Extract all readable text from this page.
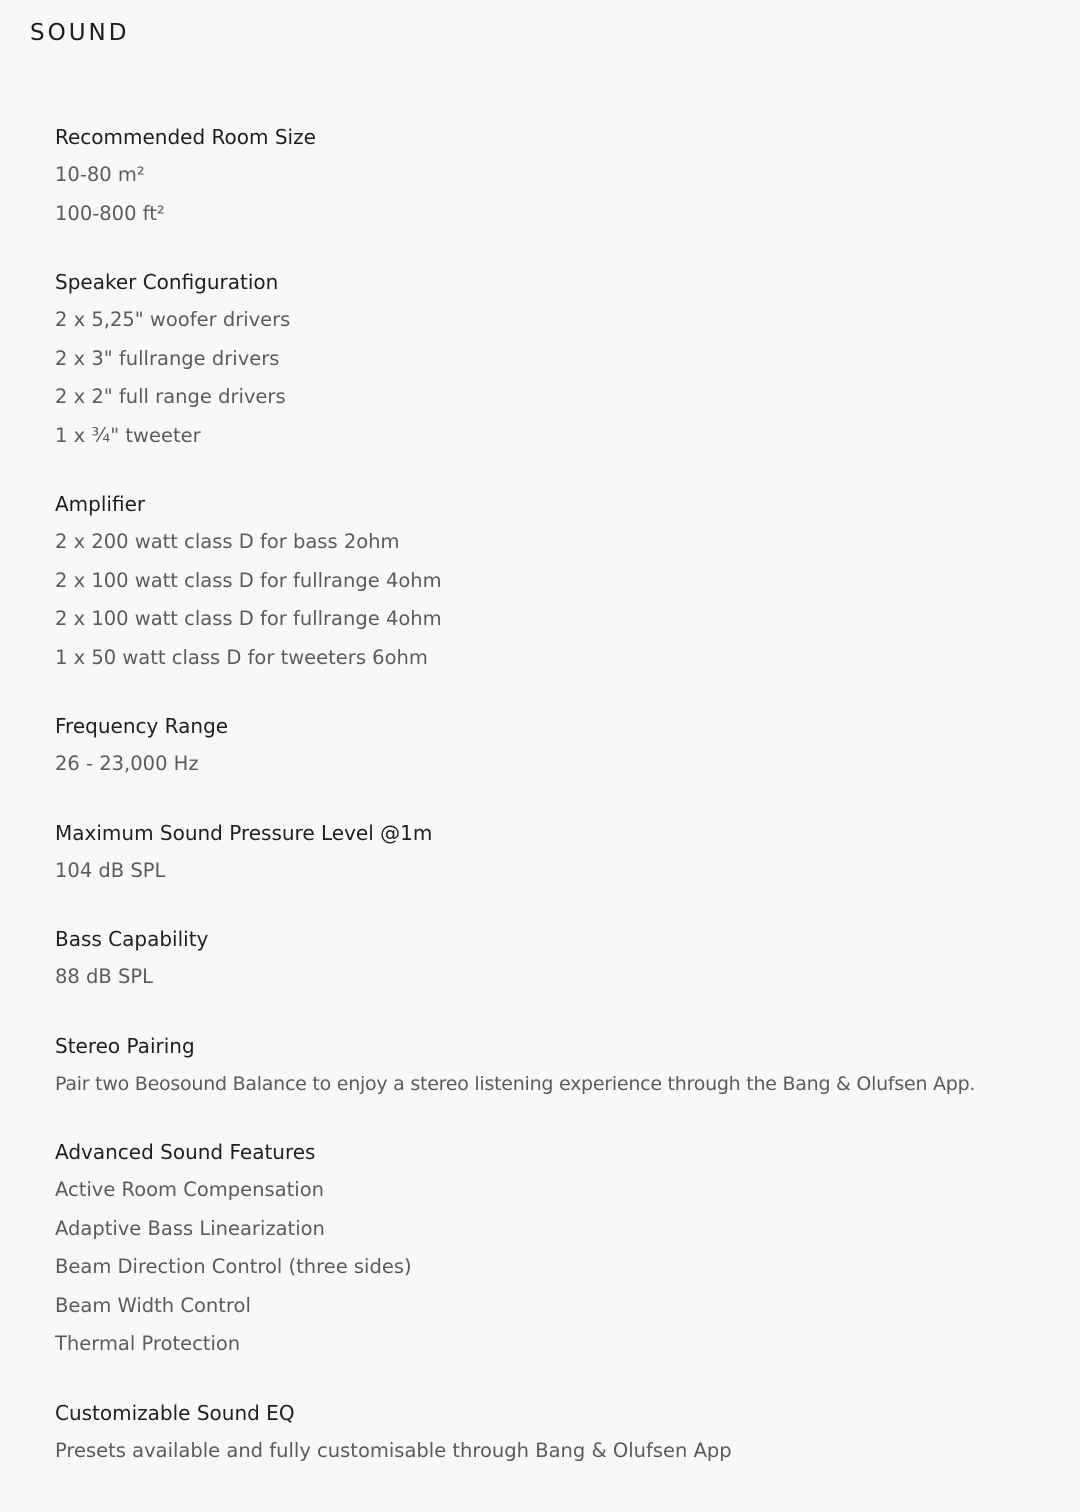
SOUND
Recommended Room Size
10-80 m²
100-800 ft²
Speaker Configuration
2 x 5,25" woofer drivers
2 x 3" fullrange drivers
2 x 2" full range drivers
1 x ¾" tweeter
Amplifier
2 x 200 watt class D for bass 2ohm
2 x 100 watt class D for fullrange 4ohm
2 x 100 watt class D for fullrange 4ohm
1 x 50 watt class D for tweeters 6ohm
Frequency Range
26 - 23,000 Hz
Maximum Sound Pressure Level @1m
104 dB SPL
Bass Capability
88 dB SPL
Stereo Pairing
Pair two Beosound Balance to enjoy a stereo listening experience through the Bang & Olufsen App.
Advanced Sound Features
Active Room Compensation
Adaptive Bass Linearization
Beam Direction Control (three sides)
Beam Width Control
Thermal Protection
Customizable Sound EQ
Presets available and fully customisable through Bang & Olufsen App
